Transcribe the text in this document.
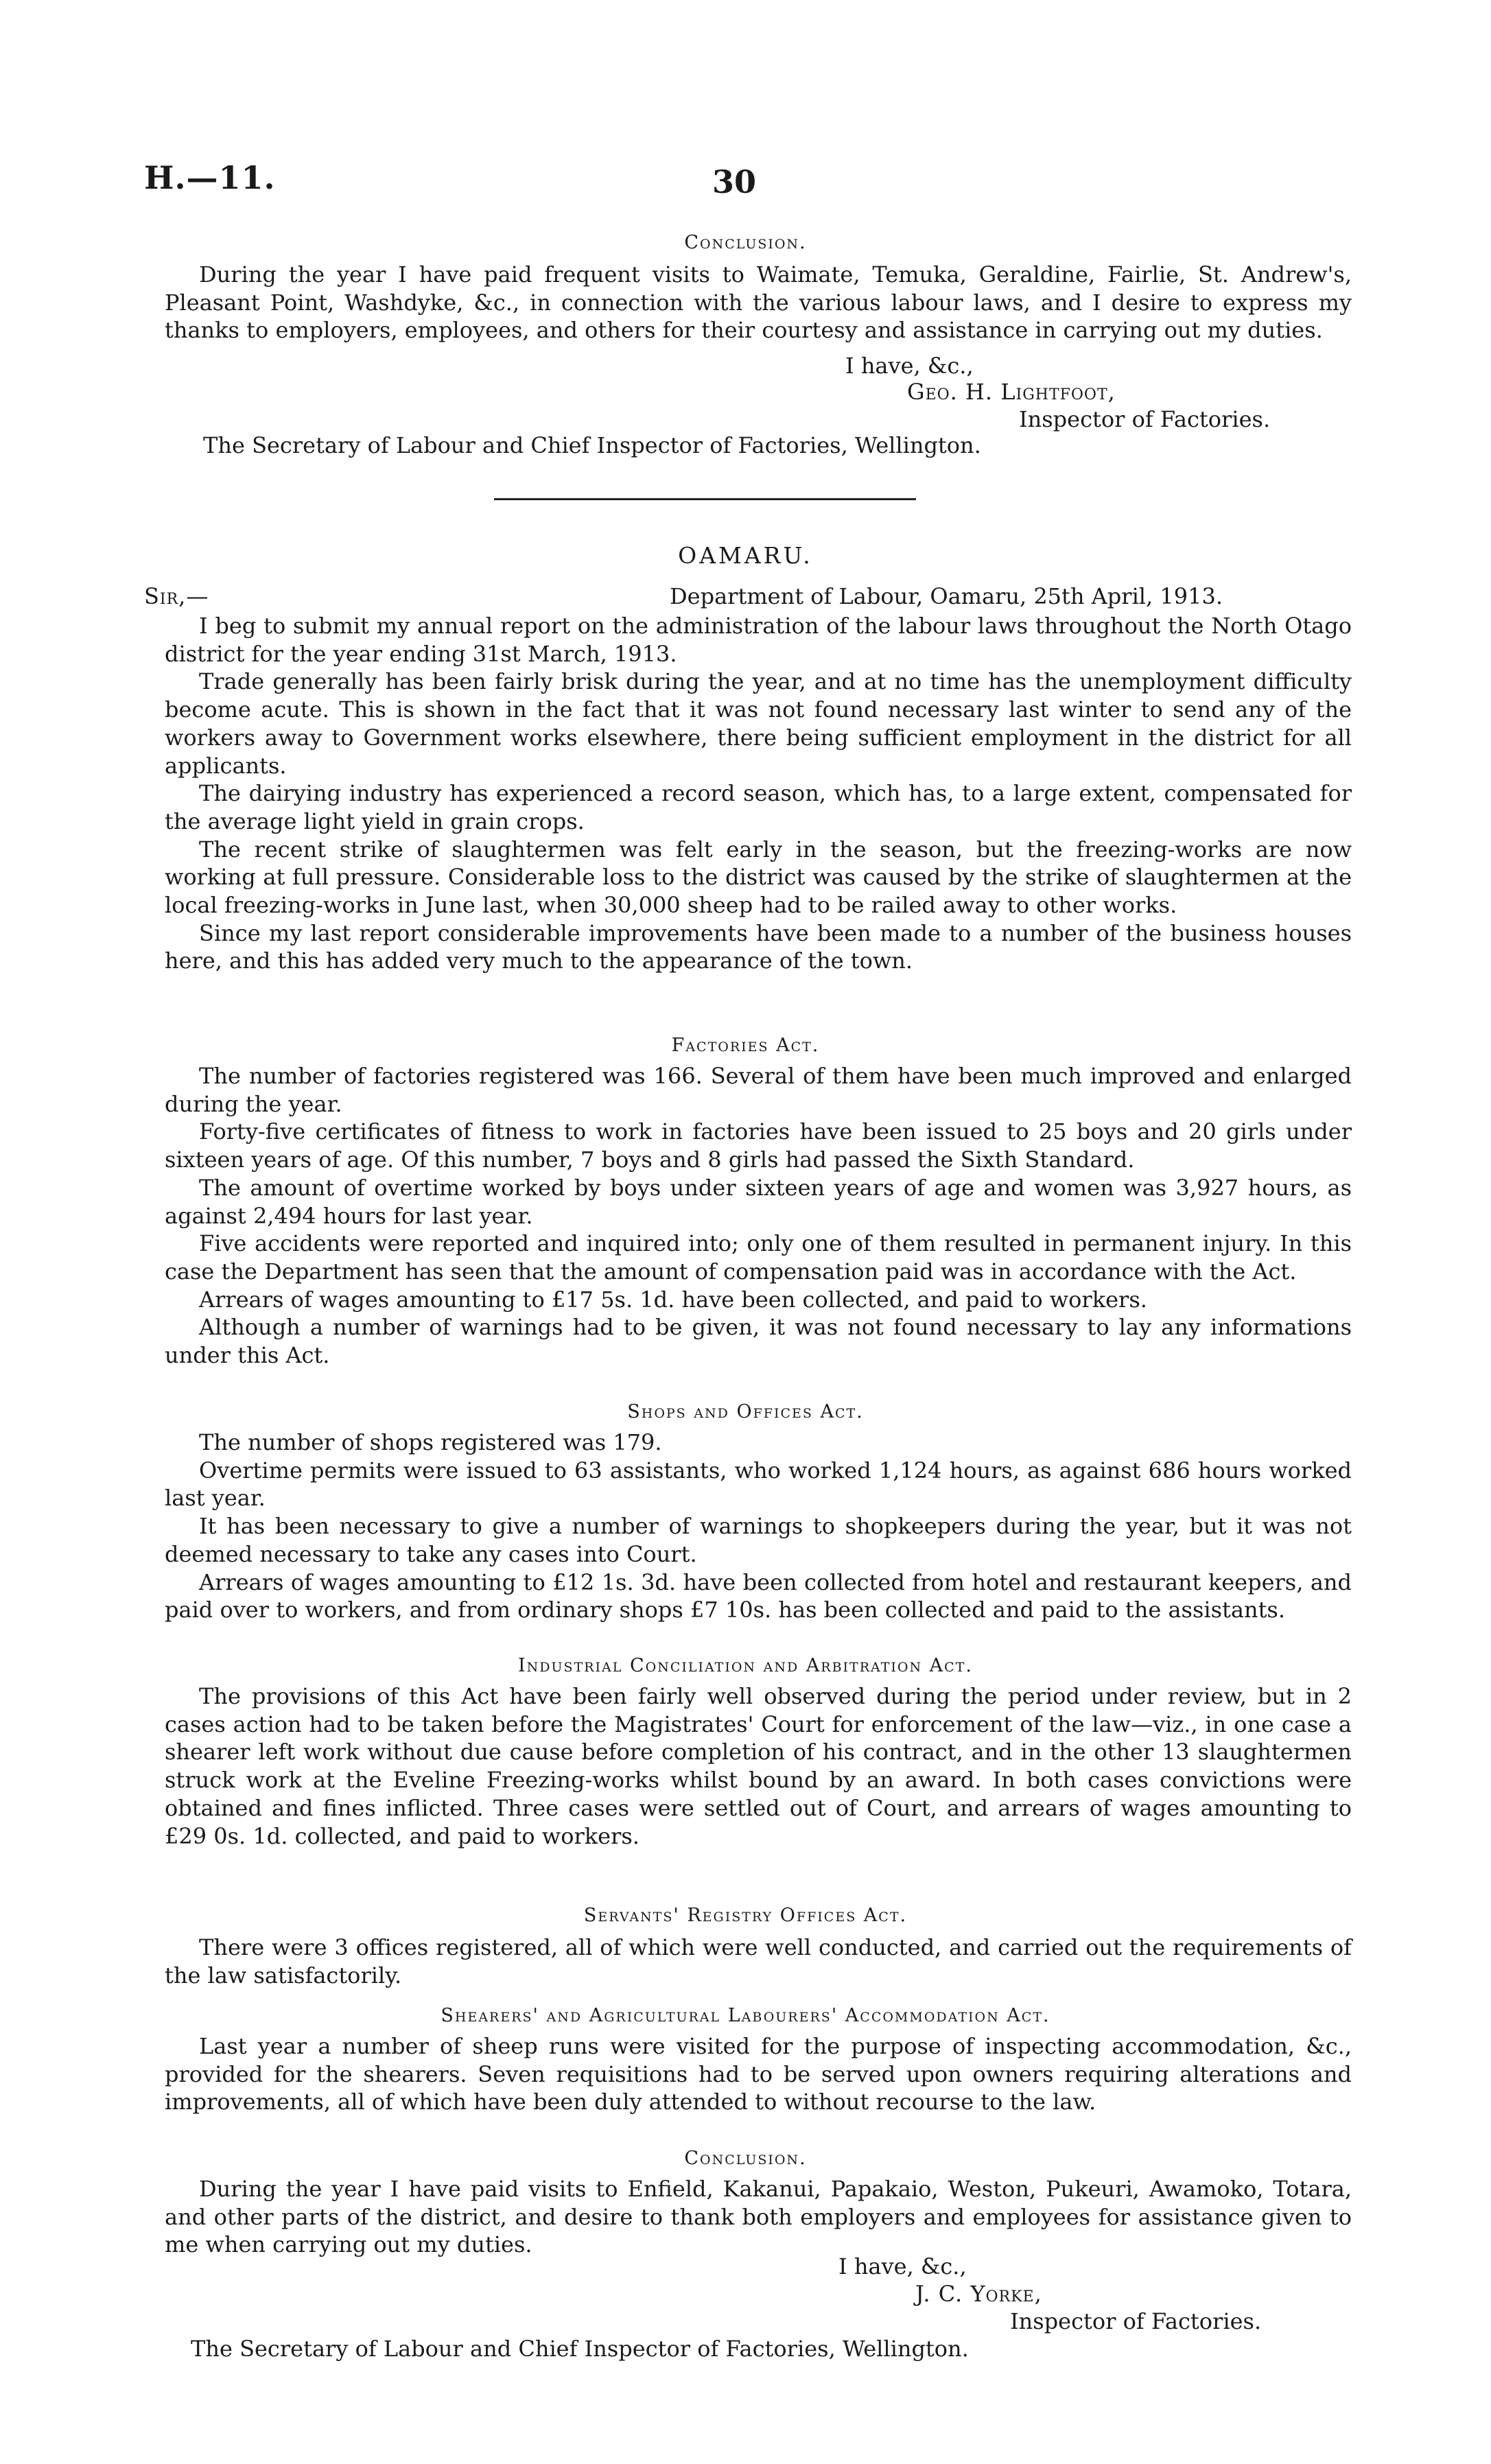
H.—11.	30
Conclusion.

During the year I have paid frequent visits to Waimate, Temuka, Geraldine, Fairlie, St. Andrew's, Pleasant Point, Washdyke, &c., in connection with the various labour laws, and I desire to express my thanks to employers, employees, and others for their courtesy and assistance in carrying out my duties.

I have, &c.,
Geo. H. Lightfoot,
Inspector of Factories.
The Secretary of Labour and Chief Inspector of Factories, Wellington.
OAMARU.
Sir,—	Department of Labour, Oamaru, 25th April, 1913.

I beg to submit my annual report on the administration of the labour laws throughout the North Otago district for the year ending 31st March, 1913.

Trade generally has been fairly brisk during the year, and at no time has the unemployment difficulty become acute. This is shown in the fact that it was not found necessary last winter to send any of the workers away to Government works elsewhere, there being sufficient employment in the district for all applicants.

The dairying industry has experienced a record season, which has, to a large extent, compensated for the average light yield in grain crops.

The recent strike of slaughtermen was felt early in the season, but the freezing-works are now working at full pressure. Considerable loss to the district was caused by the strike of slaughtermen at the local freezing-works in June last, when 30,000 sheep had to be railed away to other works.

Since my last report considerable improvements have been made to a number of the business houses here, and this has added very much to the appearance of the town.

Factories Act.

The number of factories registered was 166. Several of them have been much improved and enlarged during the year.

Forty-five certificates of fitness to work in factories have been issued to 25 boys and 20 girls under sixteen years of age. Of this number, 7 boys and 8 girls had passed the Sixth Standard.

The amount of overtime worked by boys under sixteen years of age and women was 3,927 hours, as against 2,494 hours for last year.

Five accidents were reported and inquired into; only one of them resulted in permanent injury. In this case the Department has seen that the amount of compensation paid was in accordance with the Act.

Arrears of wages amounting to £17 5s. 1d. have been collected, and paid to workers.

Although a number of warnings had to be given, it was not found necessary to lay any informations under this Act.

Shops and Offices Act.

The number of shops registered was 179.

Overtime permits were issued to 63 assistants, who worked 1,124 hours, as against 686 hours worked last year.

It has been necessary to give a number of warnings to shopkeepers during the year, but it was not deemed necessary to take any cases into Court.

Arrears of wages amounting to £12 1s. 3d. have been collected from hotel and restaurant keepers, and paid over to workers, and from ordinary shops £7 10s. has been collected and paid to the assistants.

Industrial Conciliation and Arbitration Act.

The provisions of this Act have been fairly well observed during the period under review, but in 2 cases action had to be taken before the Magistrates' Court for enforcement of the law—viz., in one case a shearer left work without due cause before completion of his contract, and in the other 13 slaughtermen struck work at the Eveline Freezing-works whilst bound by an award. In both cases convictions were obtained and fines inflicted. Three cases were settled out of Court, and arrears of wages amounting to £29 0s. 1d. collected, and paid to workers.

Servants' Registry Offices Act.

There were 3 offices registered, all of which were well conducted, and carried out the requirements of the law satisfactorily.

Shearers' and Agricultural Labourers' Accommodation Act.

Last year a number of sheep runs were visited for the purpose of inspecting accommodation, &c., provided for the shearers. Seven requisitions had to be served upon owners requiring alterations and improvements, all of which have been duly attended to without recourse to the law.

Conclusion.

During the year I have paid visits to Enfield, Kakanui, Papakaio, Weston, Pukeuri, Awamoko, Totara, and other parts of the district, and desire to thank both employers and employees for assistance given to me when carrying out my duties.

I have, &c.,
J. C. Yorke,
Inspector of Factories.
The Secretary of Labour and Chief Inspector of Factories, Wellington.
